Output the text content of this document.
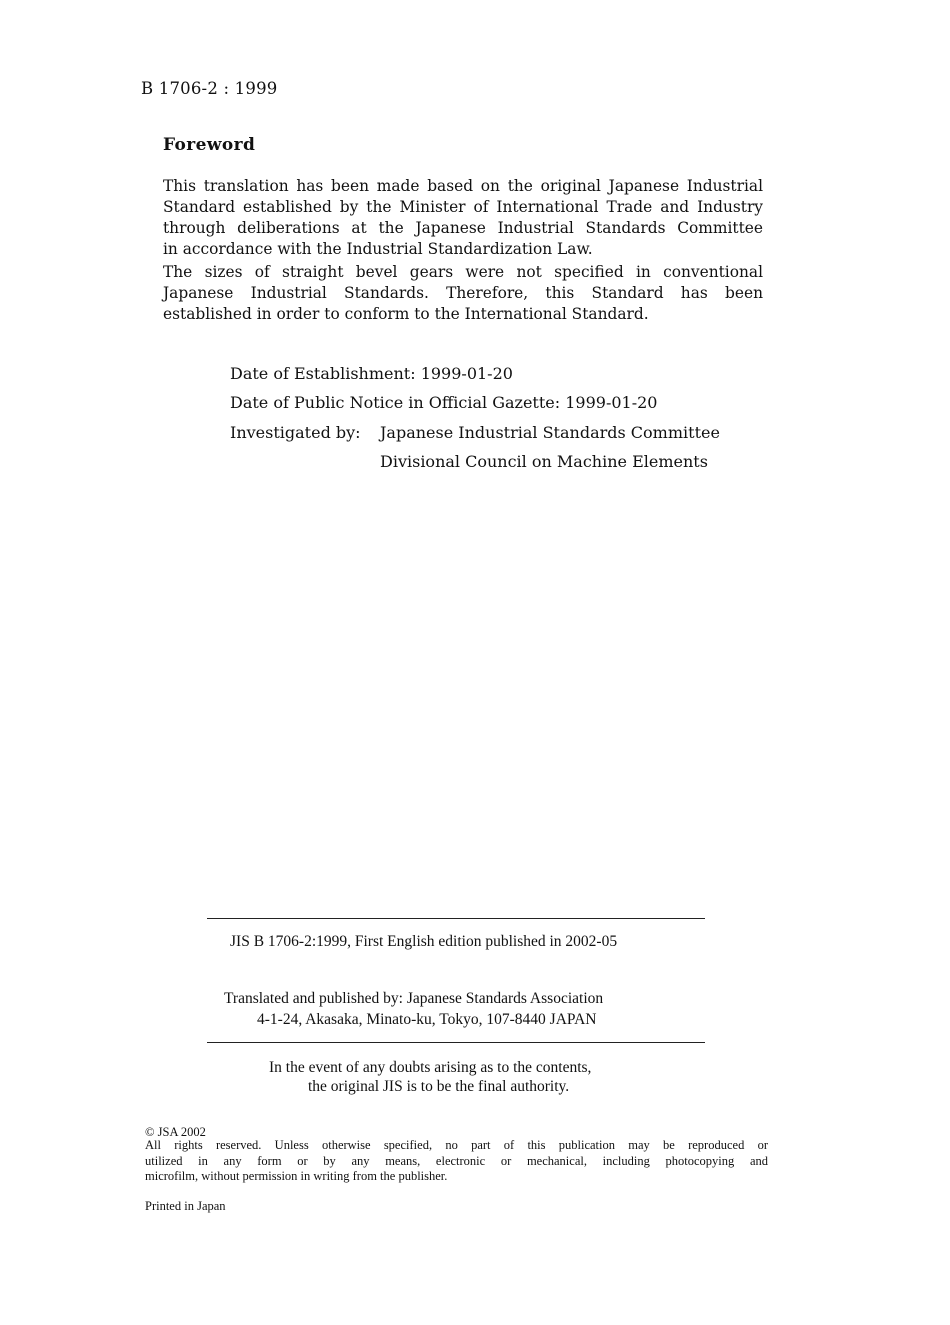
B 1706-2 : 1999
Foreword
This translation has been made based on the original Japanese Industrial
Standard established by the Minister of International Trade and Industry
through deliberations at the Japanese Industrial Standards Committee
in accordance with the Industrial Standardization Law.
The sizes of straight bevel gears were not specified in conventional
Japanese Industrial Standards. Therefore, this Standard has been
established in order to conform to the International Standard.
Date of Establishment: 1999-01-20
Date of Public Notice in Official Gazette: 1999-01-20
Investigated by: Japanese Industrial Standards Committee
Divisional Council on Machine Elements
JIS B 1706-2:1999, First English edition published in 2002-05
Translated and published by: Japanese Standards Association
4-1-24, Akasaka, Minato-ku, Tokyo, 107-8440 JAPAN
In the event of any doubts arising as to the contents,
the original JIS is to be the final authority.
© JSA 2002
All rights reserved. Unless otherwise specified, no part of this publication may be reproduced or
utilized in any form or by any means, electronic or mechanical, including photocopying and
microfilm, without permission in writing from the publisher.
Printed in Japan
